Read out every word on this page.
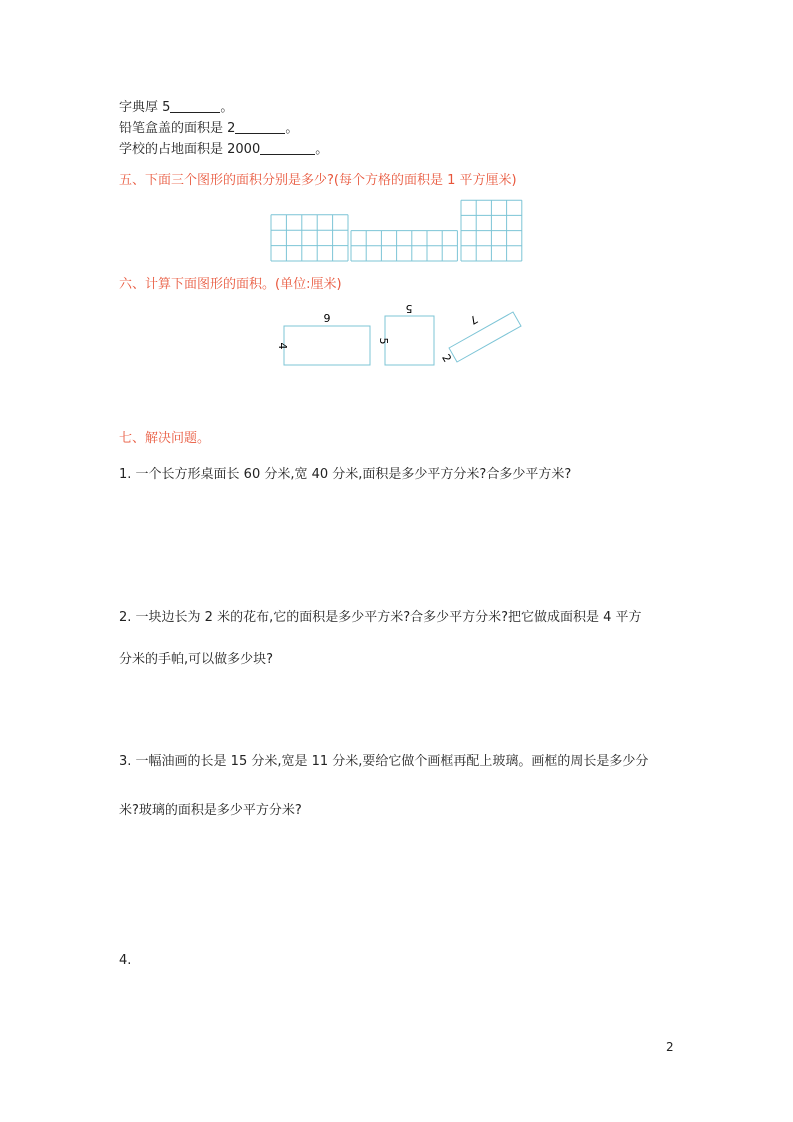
字典厚 5	。
铅笔盒盖的面积是 2	。
学校的占地面积是 2000	。
五、下面三个图形的面积分别是多少?(每个方格的面积是 1 平方厘米)
9
4
5
5
7
2
六、计算下面图形的面积。(单位:厘米)
七、解决问题。
1. 一个长方形桌面长 60 分米,宽 40 分米,面积是多少平方分米?合多少平方米?
2. 一块边长为 2 米的花布,它的面积是多少平方米?合多少平方分米?把它做成面积是 4 平方
分米的手帕,可以做多少块?
3. 一幅油画的长是 15 分米,宽是 11 分米,要给它做个画框再配上玻璃。画框的周长是多少分
米?玻璃的面积是多少平方分米?
4.
2
